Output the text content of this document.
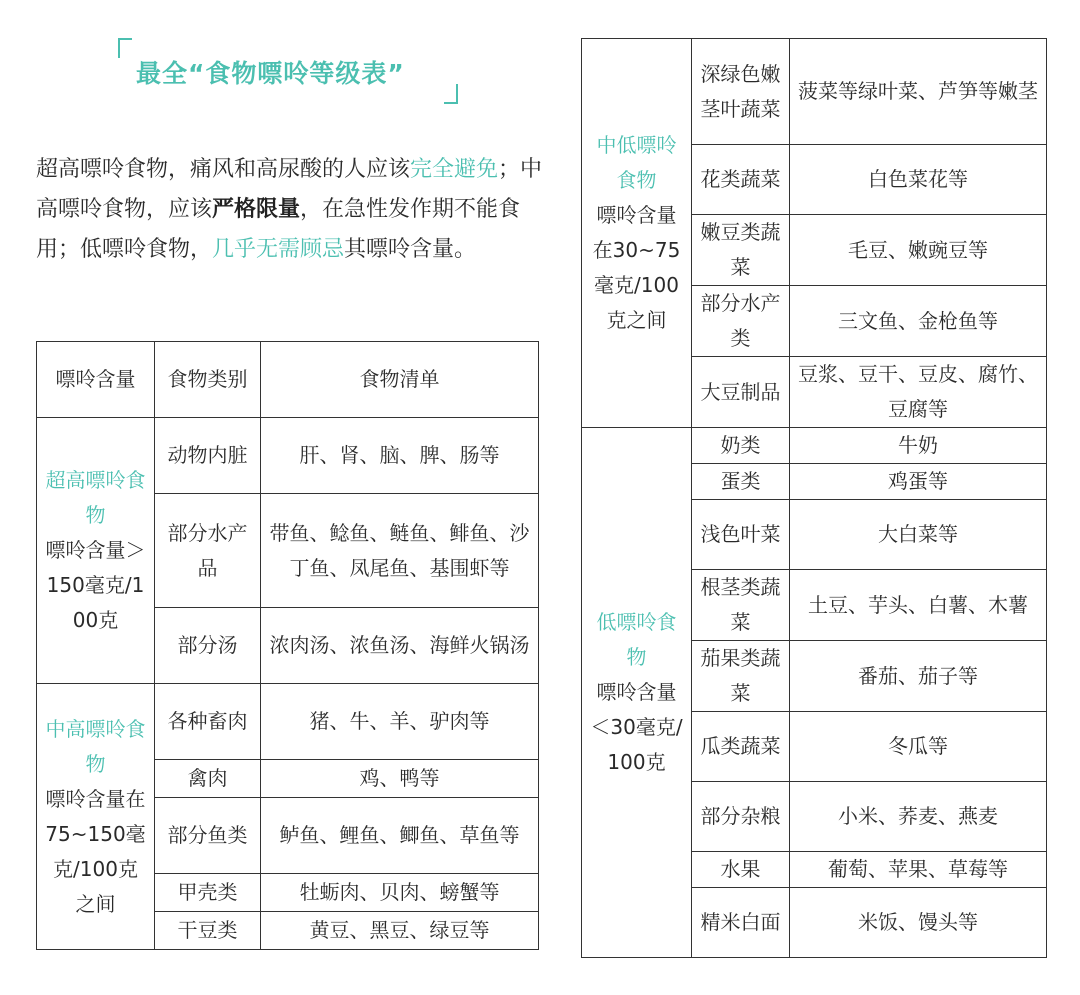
最全“食物嘌呤等级表”
超高嘌呤食物，痛风和高尿酸的人应该完全避免；中高嘌呤食物，应该严格限量，在急性发作期不能食用；低嘌呤食物，几乎无需顾忌其嘌呤含量。
嘌呤含量	食物类别	食物清单

超高嘌呤食物
嘌呤含量＞150毫克/100克	动物内脏	肝、肾、脑、脾、肠等
	部分水产品	带鱼、鲶鱼、鲢鱼、鲱鱼、沙丁鱼、凤尾鱼、基围虾等
	部分汤	浓肉汤、浓鱼汤、海鲜火锅汤

中高嘌呤食物
嘌呤含量在75~150毫克/100克之间	各种畜肉	猪、牛、羊、驴肉等
	禽肉	鸡、鸭等
	部分鱼类	鲈鱼、鲤鱼、鲫鱼、草鱼等
	甲壳类	牡蛎肉、贝肉、螃蟹等
	干豆类	黄豆、黑豆、绿豆等
中低嘌呤食物
嘌呤含量在30~75毫克/100克之间	深绿色嫩茎叶蔬菜	菠菜等绿叶菜、芦笋等嫩茎
	花类蔬菜	白色菜花等
	嫩豆类蔬菜	毛豆、嫩豌豆等
	部分水产类	三文鱼、金枪鱼等
	大豆制品	豆浆、豆干、豆皮、腐竹、豆腐等

低嘌呤食物
嘌呤含量＜30毫克/100克	奶类	牛奶
	蛋类	鸡蛋等
	浅色叶菜	大白菜等
	根茎类蔬菜	土豆、芋头、白薯、木薯
	茄果类蔬菜	番茄、茄子等
	瓜类蔬菜	冬瓜等
	部分杂粮	小米、荞麦、燕麦
	水果	葡萄、苹果、草莓等
	精米白面	米饭、馒头等
